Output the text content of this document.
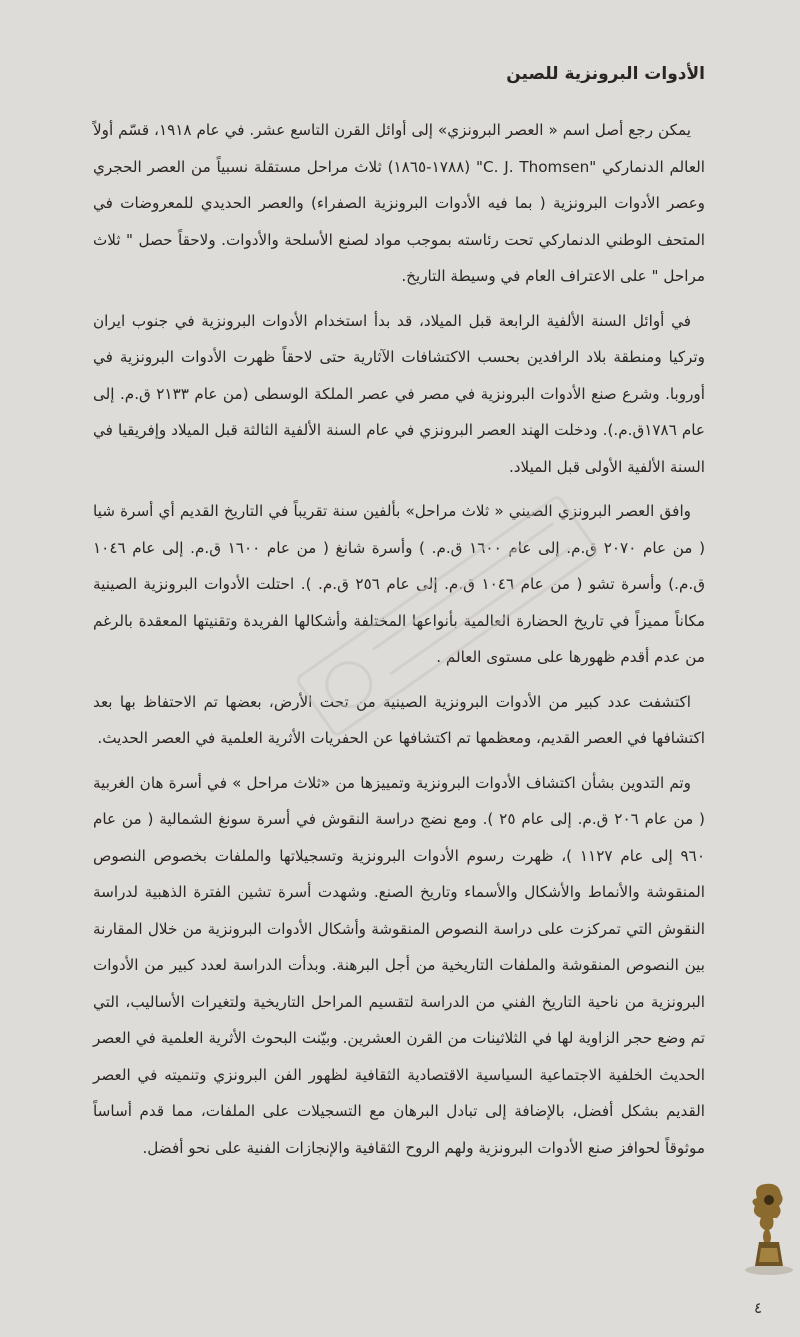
الأدوات البرونزية للصين

يمكن رجع أصل اسم « العصر البرونزي» إلى أوائل القرن التاسع عشر. في عام ١٩١٨، قسّم أولاً العالم الدنماركي "C. J. Thomsen" (١٧٨٨-١٨٦٥) ثلاث مراحل مستقلة نسبياً من العصر الحجري وعصر الأدوات البرونزية ( بما فيه الأدوات البرونزية الصفراء) والعصر الحديدي للمعروضات في المتحف الوطني الدنماركي تحت رئاسته بموجب مواد لصنع الأسلحة والأدوات. ولاحقاً حصل " ثلاث مراحل " على الاعتراف العام في وسيطة التاريخ.

في أوائل السنة الألفية الرابعة قبل الميلاد، قد بدأ استخدام الأدوات البرونزية في جنوب ايران وتركيا ومنطقة بلاد الرافدين بحسب الاكتشافات الآثارية حتى لاحقاً ظهرت الأدوات البرونزية في أوروبا. وشرع صنع الأدوات البرونزية في مصر في عصر الملكة الوسطى (من عام ٢١٣٣ ق.م. إلى عام ١٧٨٦ق.م.). ودخلت الهند العصر البرونزي في عام السنة الألفية الثالثة قبل الميلاد وإفريقيا في السنة الألفية الأولى قبل الميلاد.

وافق العصر البرونزي الصيني « ثلاث مراحل» بألفين سنة تقريباً في التاريخ القديم أي أسرة شيا ( من عام ٢٠٧٠ ق.م. إلى عام ١٦٠٠ ق.م. ) وأسرة شانغ ( من عام ١٦٠٠ ق.م. إلى عام ١٠٤٦ ق.م.) وأسرة تشو ( من عام ١٠٤٦ ق.م. إلى عام ٢٥٦ ق.م. ). احتلت الأدوات البرونزية الصينية مكاناً مميزاً في تاريخ الحضارة العالمية بأنواعها المختلفة وأشكالها الفريدة وتقنيتها المعقدة بالرغم من عدم أقدم ظهورها على مستوى العالم .

اكتشفت عدد كبير من الأدوات البرونزية الصينية من تحت الأرض، بعضها تم الاحتفاظ بها بعد اكتشافها في العصر القديم، ومعظمها تم اكتشافها عن الحفريات الأثرية العلمية في العصر الحديث.

وتم التدوين بشأن اكتشاف الأدوات البرونزية وتمييزها من «ثلاث مراحل » في أسرة هان الغربية ( من عام ٢٠٦ ق.م. إلى عام ٢٥ ). ومع نضج دراسة النقوش في أسرة سونغ الشمالية ( من عام ٩٦٠ إلى عام ١١٢٧ )، ظهرت رسوم الأدوات البرونزية وتسجيلاتها والملفات بخصوص النصوص المنقوشة والأنماط والأشكال والأسماء وتاريخ الصنع. وشهدت أسرة تشين الفترة الذهبية لدراسة النقوش التي تمركزت على دراسة النصوص المنقوشة وأشكال الأدوات البرونزية من خلال المقارنة بين النصوص المنقوشة والملفات التاريخية من أجل البرهنة. وبدأت الدراسة لعدد كبير من الأدوات البرونزية من ناحية التاريخ الفني من الدراسة لتقسيم المراحل التاريخية ولتغيرات الأساليب، التي تم وضع حجر الزاوية لها في الثلاثينات من القرن العشرين. وبيّنت البحوث الأثرية العلمية في العصر الحديث الخلفية الاجتماعية السياسية الاقتصادية الثقافية لظهور الفن البرونزي وتنميته في العصر القديم بشكل أفضل، بالإضافة إلى تبادل البرهان مع التسجيلات على الملفات، مما قدم أساساً موثوقاً لحوافز صنع الأدوات البرونزية ولهم الروح الثقافية والإنجازات الفنية على نحو أفضل.

٤
